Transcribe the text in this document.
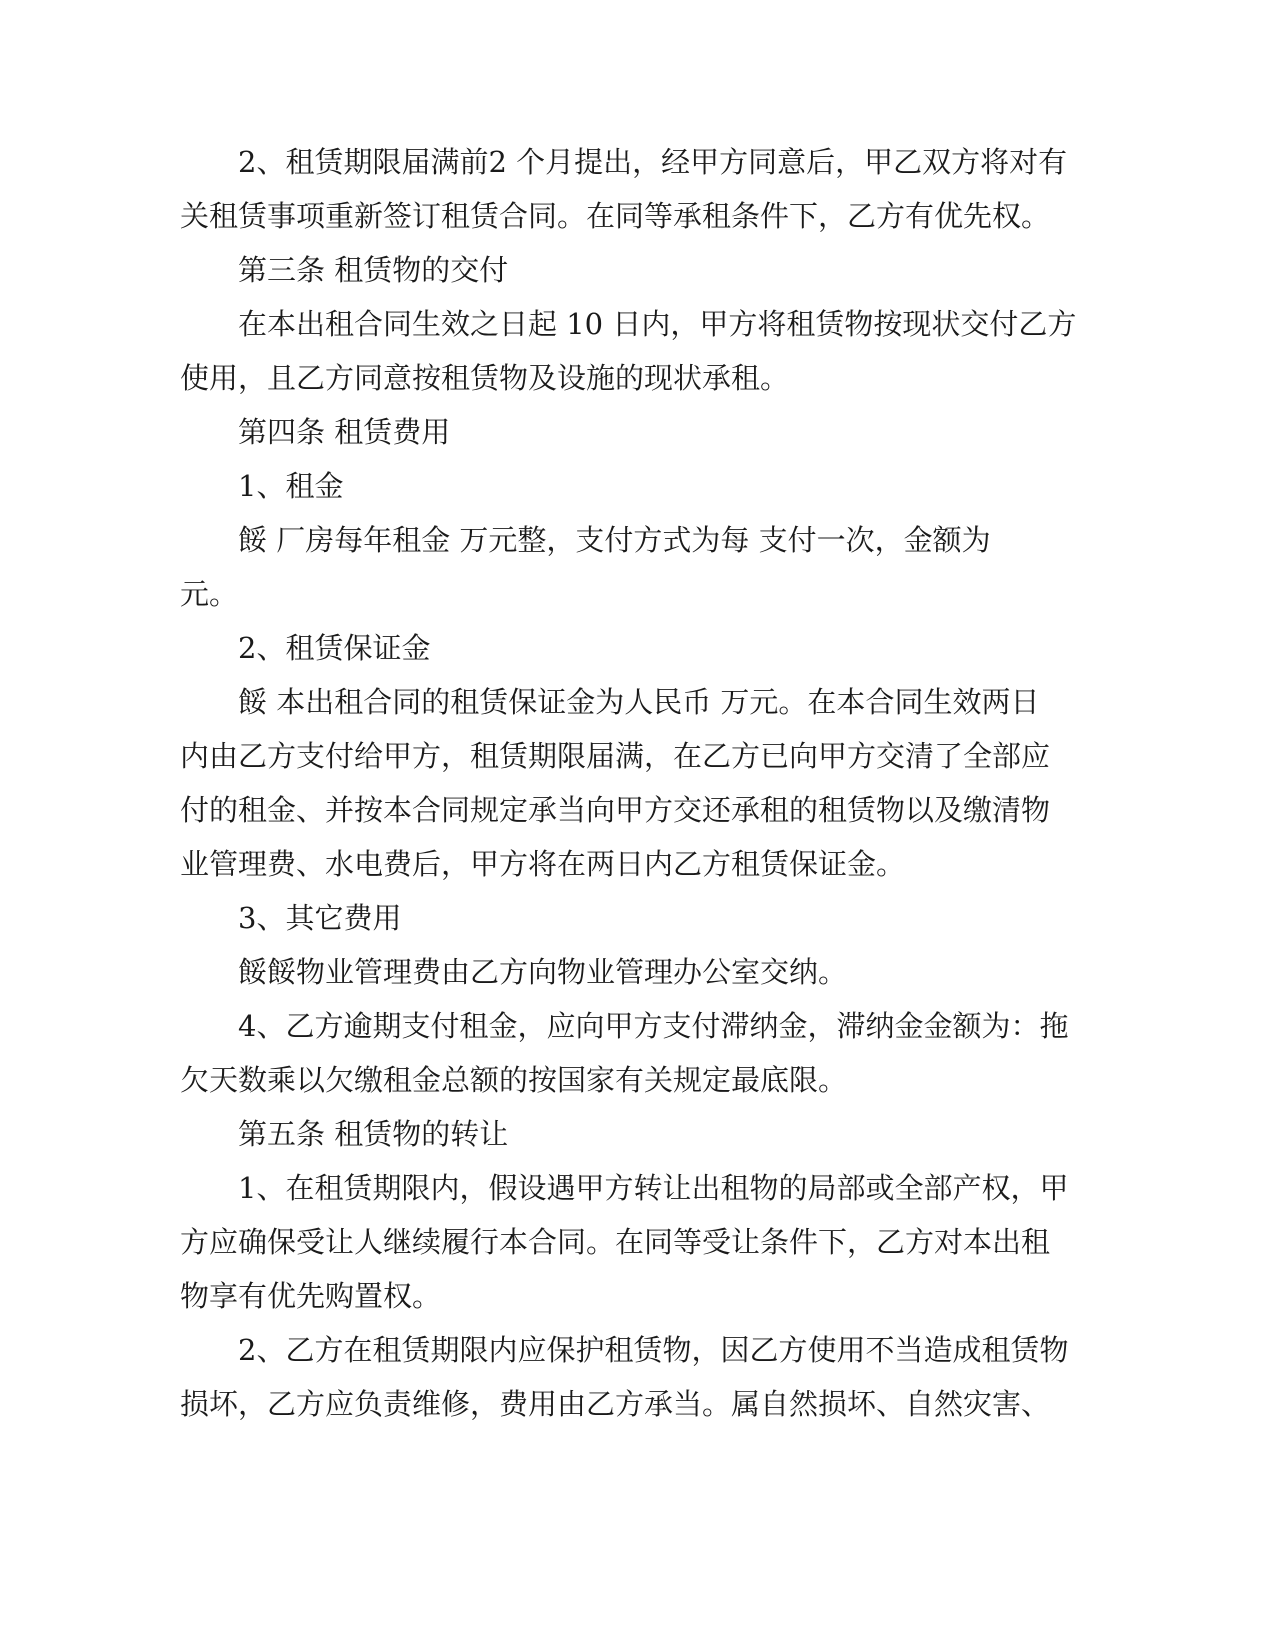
2、租赁期限届满前2 个月提出，经甲方同意后，甲乙双方将对有
关租赁事项重新签订租赁合同。在同等承租条件下，乙方有优先权。

第三条 租赁物的交付

在本出租合同生效之日起 10 日内，甲方将租赁物按现状交付乙方
使用，且乙方同意按租赁物及设施的现状承租。

第四条 租赁费用

1、租金

餒 厂房每年租金 万元整，支付方式为每 支付一次，金额为
元。

2、租赁保证金

餒 本出租合同的租赁保证金为人民币 万元。在本合同生效两日
内由乙方支付给甲方，租赁期限届满，在乙方已向甲方交清了全部应
付的租金、并按本合同规定承当向甲方交还承租的租赁物以及缴清物
业管理费、水电费后，甲方将在两日内乙方租赁保证金。

3、其它费用

餒餒物业管理费由乙方向物业管理办公室交纳。

4、乙方逾期支付租金，应向甲方支付滞纳金，滞纳金金额为：拖
欠天数乘以欠缴租金总额的按国家有关规定最底限。

第五条 租赁物的转让

1、在租赁期限内，假设遇甲方转让出租物的局部或全部产权，甲
方应确保受让人继续履行本合同。在同等受让条件下，乙方对本出租
物享有优先购置权。

2、乙方在租赁期限内应保护租赁物，因乙方使用不当造成租赁物
损坏，乙方应负责维修，费用由乙方承当。属自然损坏、自然灾害、
